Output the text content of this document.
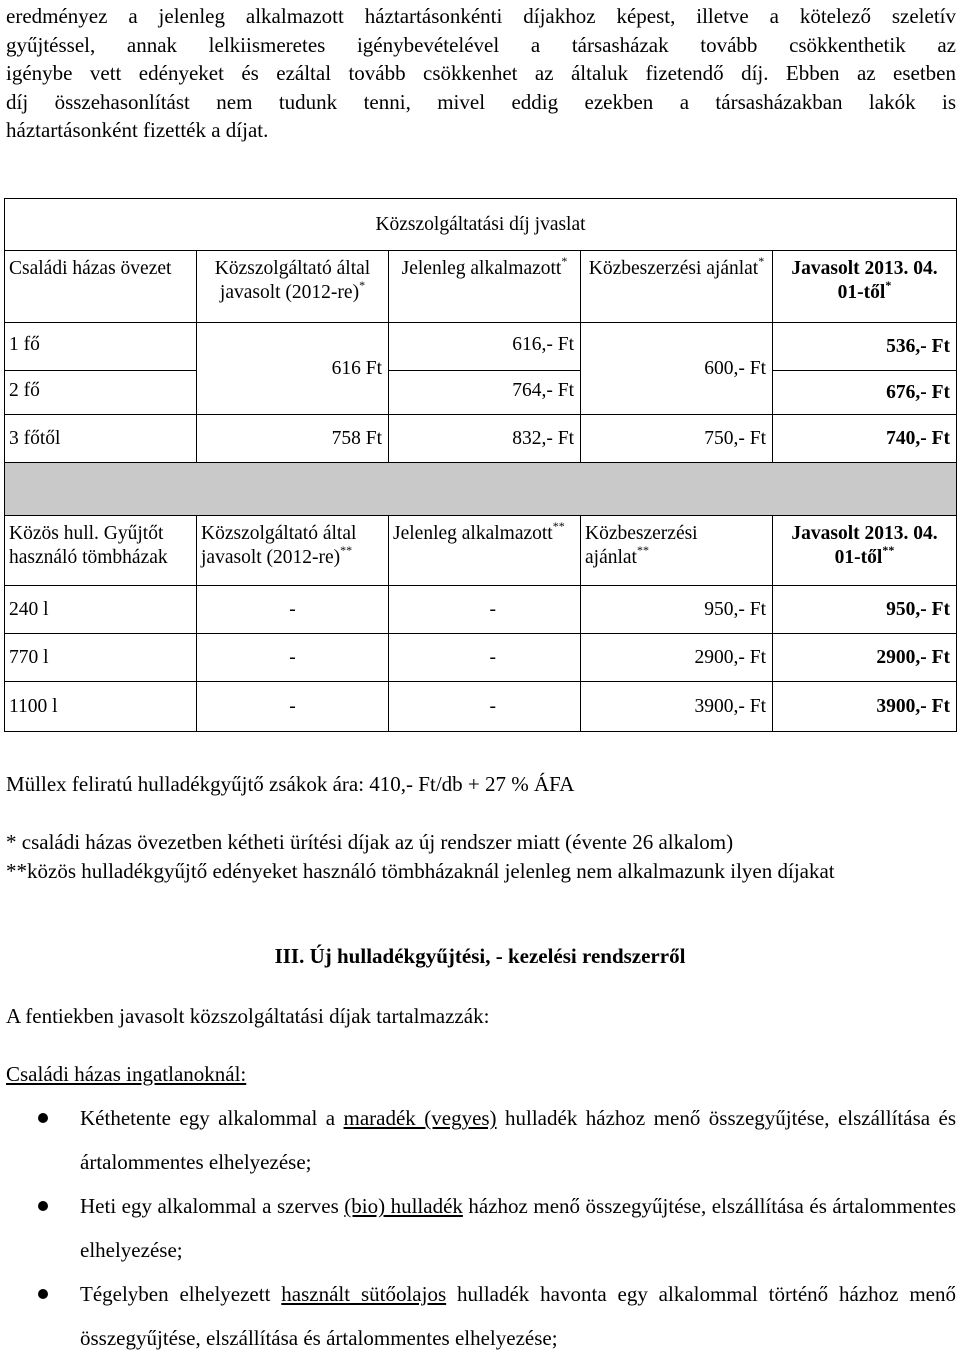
eredményez a jelenleg alkalmazott háztartásonkénti díjakhoz képest, illetve a kötelező szeletív
gyűjtéssel, annak lelkiismeretes igénybevételével a társasházak tovább csökkenthetik az
igénybe vett edényeket és ezáltal tovább csökkenhet az általuk fizetendő díj. Ebben az esetben
díj összehasonlítást nem tudunk tenni, mivel eddig ezekben a társasházakban lakók is
háztartásonként fizették a díjat.
Közszolgáltatási díj jvaslat				
Családi házas övezet	Közszolgáltató által javasolt (2012-re)*	Jelenleg alkalmazott*	Közbeszerzési ajánlat*	Javasolt 2013. 04. 01-től*
1 fő	616 Ft	616,- Ft	600,- Ft	536,- Ft
2 fő		764,- Ft		676,- Ft
3 főtől	758 Ft	832,- Ft	750,- Ft	740,- Ft

Közös hull. Gyűjtőt használó tömbházak	Közszolgáltató által javasolt (2012-re)**	Jelenleg alkalmazott**	Közbeszerzési ajánlat**	Javasolt 2013. 04. 01-től**
240 l	-	-	950,- Ft	950,- Ft
770 l	-	-	2900,- Ft	2900,- Ft
1100 l	-	-	3900,- Ft	3900,- Ft
Müllex feliratú hulladékgyűjtő zsákok ára: 410,- Ft/db + 27 % ÁFA
* családi házas övezetben kétheti ürítési díjak az új rendszer miatt (évente 26 alkalom)
**közös hulladékgyűjtő edényeket használó tömbházaknál jelenleg nem alkalmazunk ilyen díjakat
III. Új hulladékgyűjtési, - kezelési rendszerről
A fentiekben javasolt közszolgáltatási díjak tartalmazzák:
Családi házas ingatlanoknál:
Kéthetente egy alkalommal a maradék (vegyes) hulladék házhoz menő összegyűjtése, elszállítása és ártalommentes elhelyezése;
Heti egy alkalommal a szerves (bio) hulladék házhoz menő összegyűjtése, elszállítása és ártalommentes elhelyezése;
Tégelyben elhelyezett használt sütőolajos hulladék havonta egy alkalommal történő házhoz menő összegyűjtése, elszállítása és ártalommentes elhelyezése;
